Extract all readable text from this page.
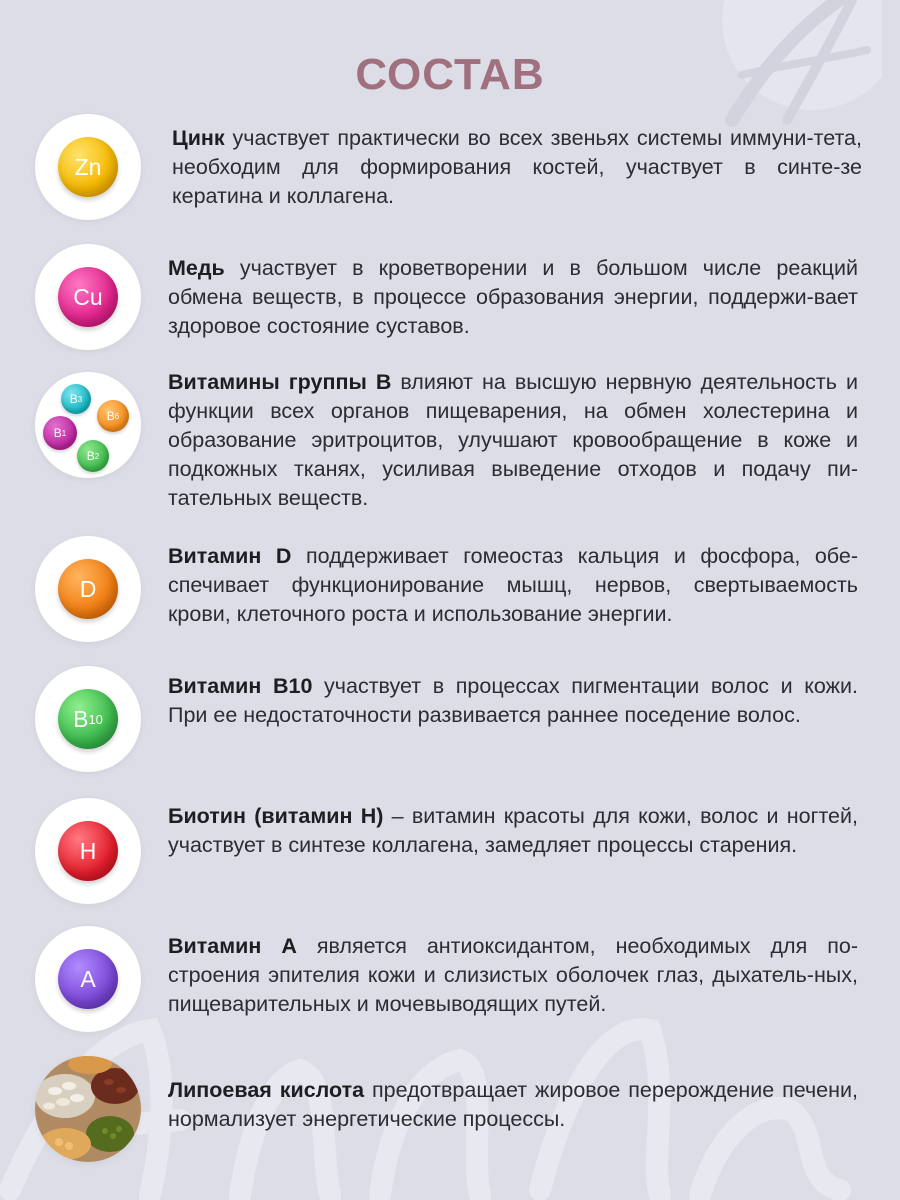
СОСТАВ
Zn
Цинк участвует практически во всех звеньях системы иммуни-тета, необходим для формирования костей, участвует в синте-зе кератина и коллагена.
Cu
Медь участвует в кроветворении и в большом числе реакций обмена веществ, в процессе образования энергии, поддержи-вает здоровое состояние суставов.
B 3
B 6
B 1
B 2
Витамины группы B влияют на высшую нервную деятельность и функции всех органов пищеварения, на обмен холестерина и образование эритроцитов, улучшают кровообращение в коже и подкожных тканях, усиливая выведение отходов и подачу пи-тательных веществ.
D
Витамин D поддерживает гомеостаз кальция и фосфора, обе-спечивает функционирование мышц, нервов, свертываемость крови, клеточного роста и использование энергии.
B 10
Витамин B10 участвует в процессах пигментации волос и кожи. При ее недостаточности развивается раннее поседение волос.
H
Биотин (витамин H) – витамин красоты для кожи, волос и ногтей, участвует в синтезе коллагена, замедляет процессы старения.
A
Витамин A является антиоксидантом, необходимых для по-строения эпителия кожи и слизистых оболочек глаз, дыхатель-ных, пищеварительных и мочевыводящих путей.
Липоевая кислота предотвращает жировое перерождение печени, нормализует энергетические процессы.
